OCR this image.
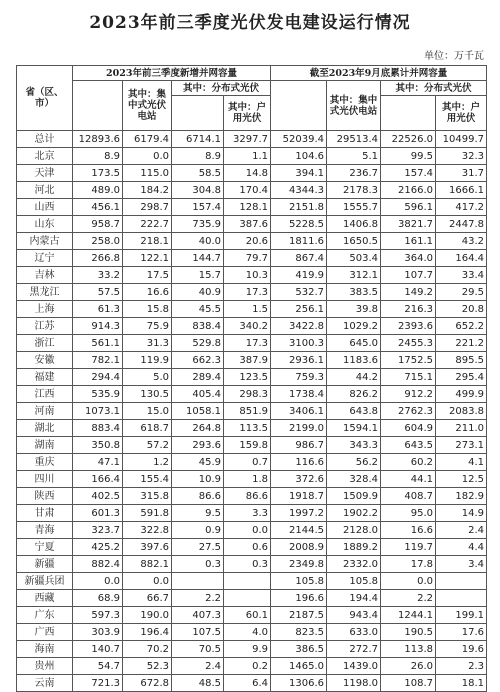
2023年前三季度光伏发电建设运行情况
单位：万千瓦
省（区、市）	2023年前三季度新增并网容量				截至2023年9月底累计并网容量			
		其中：集中式光伏电站	其中：分布式光伏			其中：集中式光伏电站	其中：分布式光伏	
				其中：户用光伏				其中：户用光伏
总计	12893.6	6179.4	6714.1	3297.7	52039.4	29513.4	22526.0	10499.7
北京	8.9	0.0	8.9	1.1	104.6	5.1	99.5	32.3
天津	173.5	115.0	58.5	14.8	394.1	236.7	157.4	31.7
河北	489.0	184.2	304.8	170.4	4344.3	2178.3	2166.0	1666.1
山西	456.1	298.7	157.4	128.1	2151.8	1555.7	596.1	417.2
山东	958.7	222.7	735.9	387.6	5228.5	1406.8	3821.7	2447.8
内蒙古	258.0	218.1	40.0	20.6	1811.6	1650.5	161.1	43.2
辽宁	266.8	122.1	144.7	79.7	867.4	503.4	364.0	164.4
吉林	33.2	17.5	15.7	10.3	419.9	312.1	107.7	33.4
黑龙江	57.5	16.6	40.9	17.3	532.7	383.5	149.2	29.5
上海	61.3	15.8	45.5	1.5	256.1	39.8	216.3	20.8
江苏	914.3	75.9	838.4	340.2	3422.8	1029.2	2393.6	652.2
浙江	561.1	31.3	529.8	17.3	3100.3	645.0	2455.3	221.2
安徽	782.1	119.9	662.3	387.9	2936.1	1183.6	1752.5	895.5
福建	294.4	5.0	289.4	123.5	759.3	44.2	715.1	295.4
江西	535.9	130.5	405.4	298.3	1738.4	826.2	912.2	499.9
河南	1073.1	15.0	1058.1	851.9	3406.1	643.8	2762.3	2083.8
湖北	883.4	618.7	264.8	113.5	2199.0	1594.1	604.9	211.0
湖南	350.8	57.2	293.6	159.8	986.7	343.3	643.5	273.1
重庆	47.1	1.2	45.9	0.7	116.6	56.2	60.2	4.1
四川	166.4	155.4	10.9	1.8	372.6	328.4	44.1	12.5
陕西	402.5	315.8	86.6	86.6	1918.7	1509.9	408.7	182.9
甘肃	601.3	591.8	9.5	3.3	1997.2	1902.2	95.0	14.9
青海	323.7	322.8	0.9	0.0	2144.5	2128.0	16.6	2.4
宁夏	425.2	397.6	27.5	0.6	2008.9	1889.2	119.7	4.4
新疆	882.4	882.1	0.3	0.3	2349.8	2332.0	17.8	3.4
新疆兵团	0.0	0.0			105.8	105.8	0.0	
西藏	68.9	66.7	2.2		196.6	194.4	2.2	
广东	597.3	190.0	407.3	60.1	2187.5	943.4	1244.1	199.1
广西	303.9	196.4	107.5	4.0	823.5	633.0	190.5	17.6
海南	140.7	70.2	70.5	9.9	386.5	272.7	113.8	19.6
贵州	54.7	52.3	2.4	0.2	1465.0	1439.0	26.0	2.3
云南	721.3	672.8	48.5	6.4	1306.6	1198.0	108.7	18.1
